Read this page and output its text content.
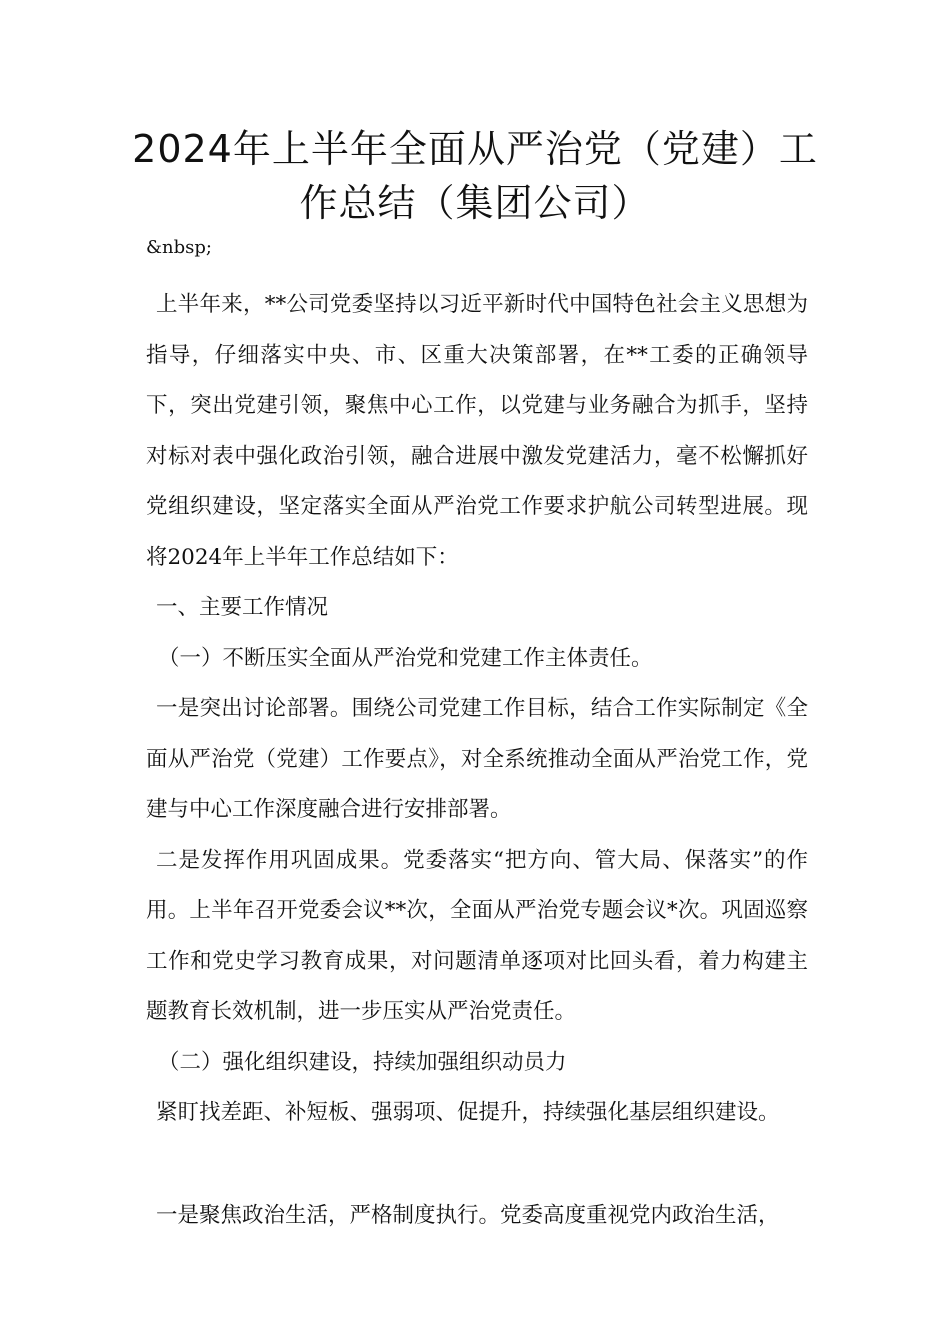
2024年上半年全面从严治党（党建）工作总结（集团公司）

&nbsp;

上半年来，**公司党委坚持以习近平新时代中国特色社会主义思想为指导，仔细落实中央、市、区重大决策部署，在**工委的正确领导下，突出党建引领，聚焦中心工作，以党建与业务融合为抓手，坚持对标对表中强化政治引领，融合进展中激发党建活力，毫不松懈抓好党组织建设，坚定落实全面从严治党工作要求护航公司转型进展。现将2024年上半年工作总结如下：

一、主要工作情况

（一）不断压实全面从严治党和党建工作主体责任。

一是突出讨论部署。围绕公司党建工作目标，结合工作实际制定《全面从严治党（党建）工作要点》，对全系统推动全面从严治党工作，党建与中心工作深度融合进行安排部署。

二是发挥作用巩固成果。党委落实“把方向、管大局、保落实”的作用。上半年召开党委会议**次，全面从严治党专题会议*次。巩固巡察工作和党史学习教育成果，对问题清单逐项对比回头看，着力构建主题教育长效机制，进一步压实从严治党责任。

（二）强化组织建设，持续加强组织动员力

紧盯找差距、补短板、强弱项、促提升，持续强化基层组织建设。

一是聚焦政治生活，严格制度执行。党委高度重视党内政治生活，
